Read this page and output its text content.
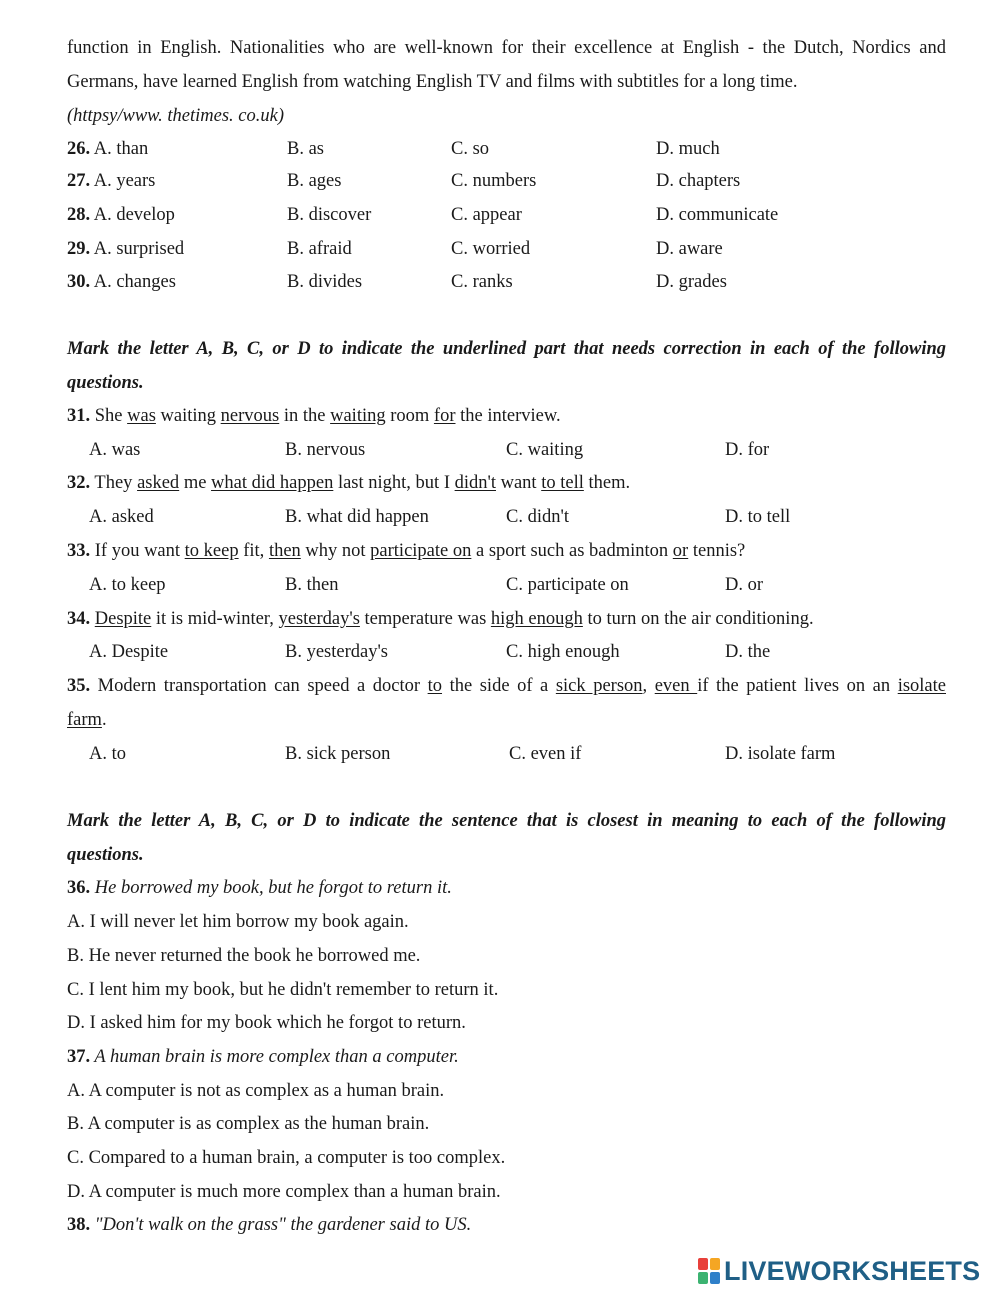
function in English. Nationalities who are well-known for their excellence at English - the Dutch, Nordics and
Germans, have learned English from watching English TV and films with subtitles for a long time.
(httpsy/www. thetimes. co.uk)
26. A. than	B. as	C. so	D. much
27. A. years	B. ages	C. numbers	D. chapters
28. A. develop	B. discover	C. appear	D. communicate
29. A. surprised	B. afraid	C. worried	D. aware
30. A. changes	B. divides	C. ranks	D. grades
Mark the letter A, B, C, or D to indicate the underlined part that needs correction in each of the following
questions.
31. She was waiting nervous in the waiting room for the interview.
A. was	B. nervous	C. waiting	D. for
32. They asked me what did happen last night, but I didn't want to tell them.
A. asked	B. what did happen	C. didn't	D. to tell
33. If you want to keep fit, then why not participate on a sport such as badminton or tennis?
A. to keep	B. then	C. participate on	D. or
34. Despite it is mid-winter, yesterday's temperature was high enough to turn on the air conditioning.
A. Despite	B. yesterday's	C. high enough	D. the
35. Modern transportation can speed a doctor to the side of a sick person, even if the patient lives on an isolate
farm.
A. to	B. sick person	C. even if	D. isolate farm
Mark the letter A, B, C, or D to indicate the sentence that is closest in meaning to each of the following
questions.
36. He borrowed my book, but he forgot to return it.
A. I will never let him borrow my book again.
B. He never returned the book he borrowed me.
C. I lent him my book, but he didn't remember to return it.
D. I asked him for my book which he forgot to return.
37. A human brain is more complex than a computer.
A. A computer is not as complex as a human brain.
B. A computer is as complex as the human brain.
C. Compared to a human brain, a computer is too complex.
D. A computer is much more complex than a human brain.
38. "Don't walk on the grass" the gardener said to US.
LIVEWORKSHEETS
